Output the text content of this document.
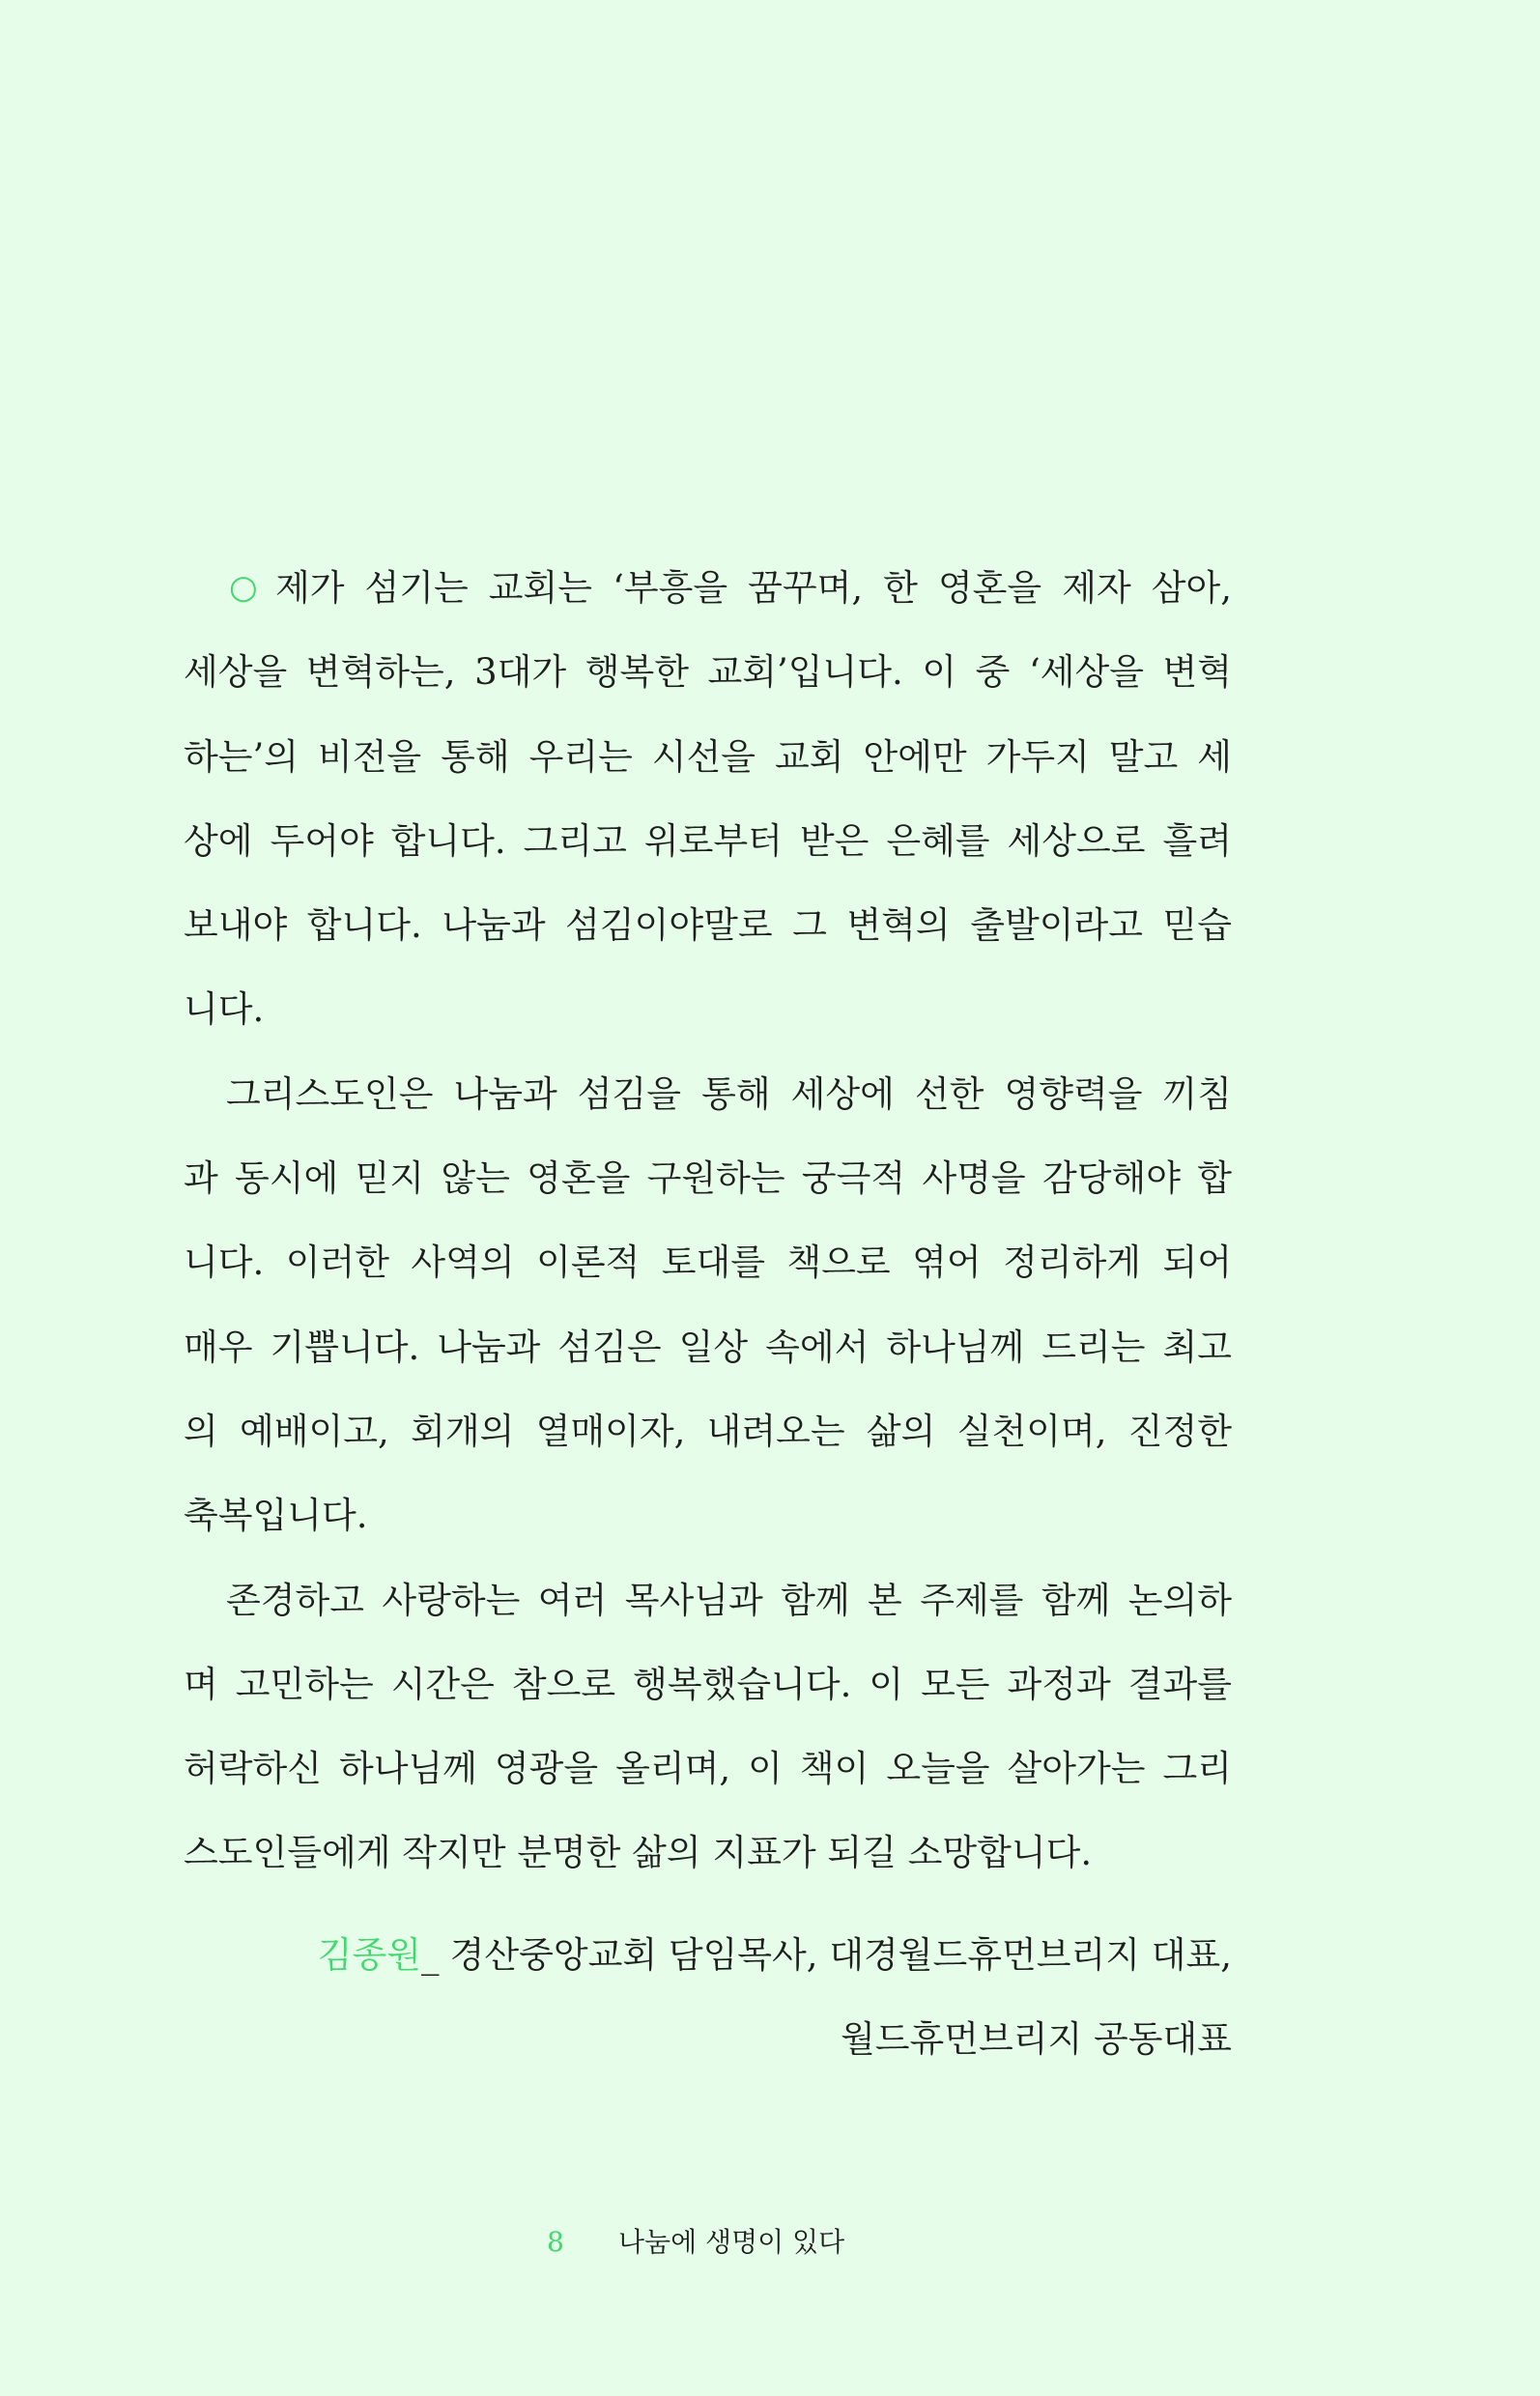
○ 제가 섬기는 교회는 ‘부흥을 꿈꾸며, 한 영혼을 제자 삼아,
세상을 변혁하는, 3대가 행복한 교회’입니다. 이 중 ‘세상을 변혁
하는’의 비전을 통해 우리는 시선을 교회 안에만 가두지 말고 세
상에 두어야 합니다. 그리고 위로부터 받은 은혜를 세상으로 흘려
보내야 합니다. 나눔과 섬김이야말로 그 변혁의 출발이라고 믿습
니다.
그리스도인은 나눔과 섬김을 통해 세상에 선한 영향력을 끼침
과 동시에 믿지 않는 영혼을 구원하는 궁극적 사명을 감당해야 합
니다. 이러한 사역의 이론적 토대를 책으로 엮어 정리하게 되어
매우 기쁩니다. 나눔과 섬김은 일상 속에서 하나님께 드리는 최고
의 예배이고, 회개의 열매이자, 내려오는 삶의 실천이며, 진정한
축복입니다.
존경하고 사랑하는 여러 목사님과 함께 본 주제를 함께 논의하
며 고민하는 시간은 참으로 행복했습니다. 이 모든 과정과 결과를
허락하신 하나님께 영광을 올리며, 이 책이 오늘을 살아가는 그리
스도인들에게 작지만 분명한 삶의 지표가 되길 소망합니다.
김종원_ 경산중앙교회 담임목사, 대경월드휴먼브리지 대표,
월드휴먼브리지 공동대표
8 나눔에 생명이 있다
